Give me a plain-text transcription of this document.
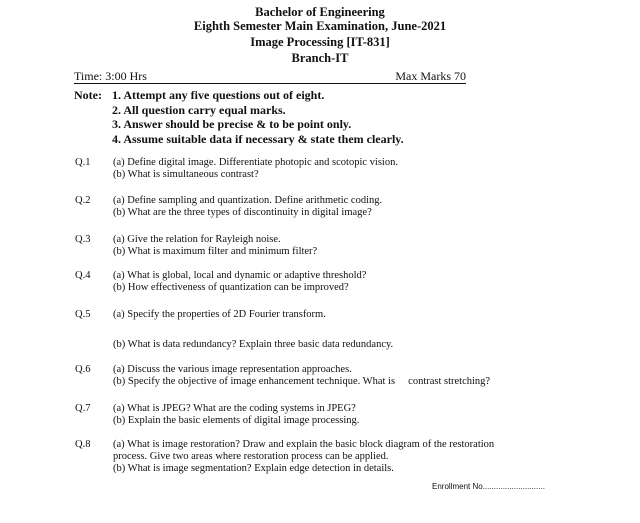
Bachelor of Engineering
Eighth Semester Main Examination, June-2021
Image Processing [IT-831]
Branch-IT
Time: 3:00 Hrs	Max Marks 70
Note: 1. Attempt any five questions out of eight.
2. All question carry equal marks.
3. Answer should be precise & to be point only.
4. Assume suitable data if necessary & state them clearly.
Q.1 (a) Define digital image. Differentiate photopic and scotopic vision.
(b) What is simultaneous contrast?
Q.2 (a) Define sampling and quantization. Define arithmetic coding.
(b) What are the three types of discontinuity in digital image?
Q.3 (a) Give the relation for Rayleigh noise.
(b) What is maximum filter and minimum filter?
Q.4 (a) What is global, local and dynamic or adaptive threshold?
(b) How effectiveness of quantization can be improved?
Q.5 (a) Specify the properties of 2D Fourier transform.
(b) What is data redundancy? Explain three basic data redundancy.
Q.6 (a) Discuss the various image representation approaches.
(b) Specify the objective of image enhancement technique. What is     contrast stretching?
Q.7 (a) What is JPEG? What are the coding systems in JPEG?
(b) Explain the basic elements of digital image processing.
Q.8 (a) What is image restoration? Draw and explain the basic block diagram of the restoration
process. Give two areas where restoration process can be applied.
(b) What is image segmentation? Explain edge detection in details.
Enrollment No............................
